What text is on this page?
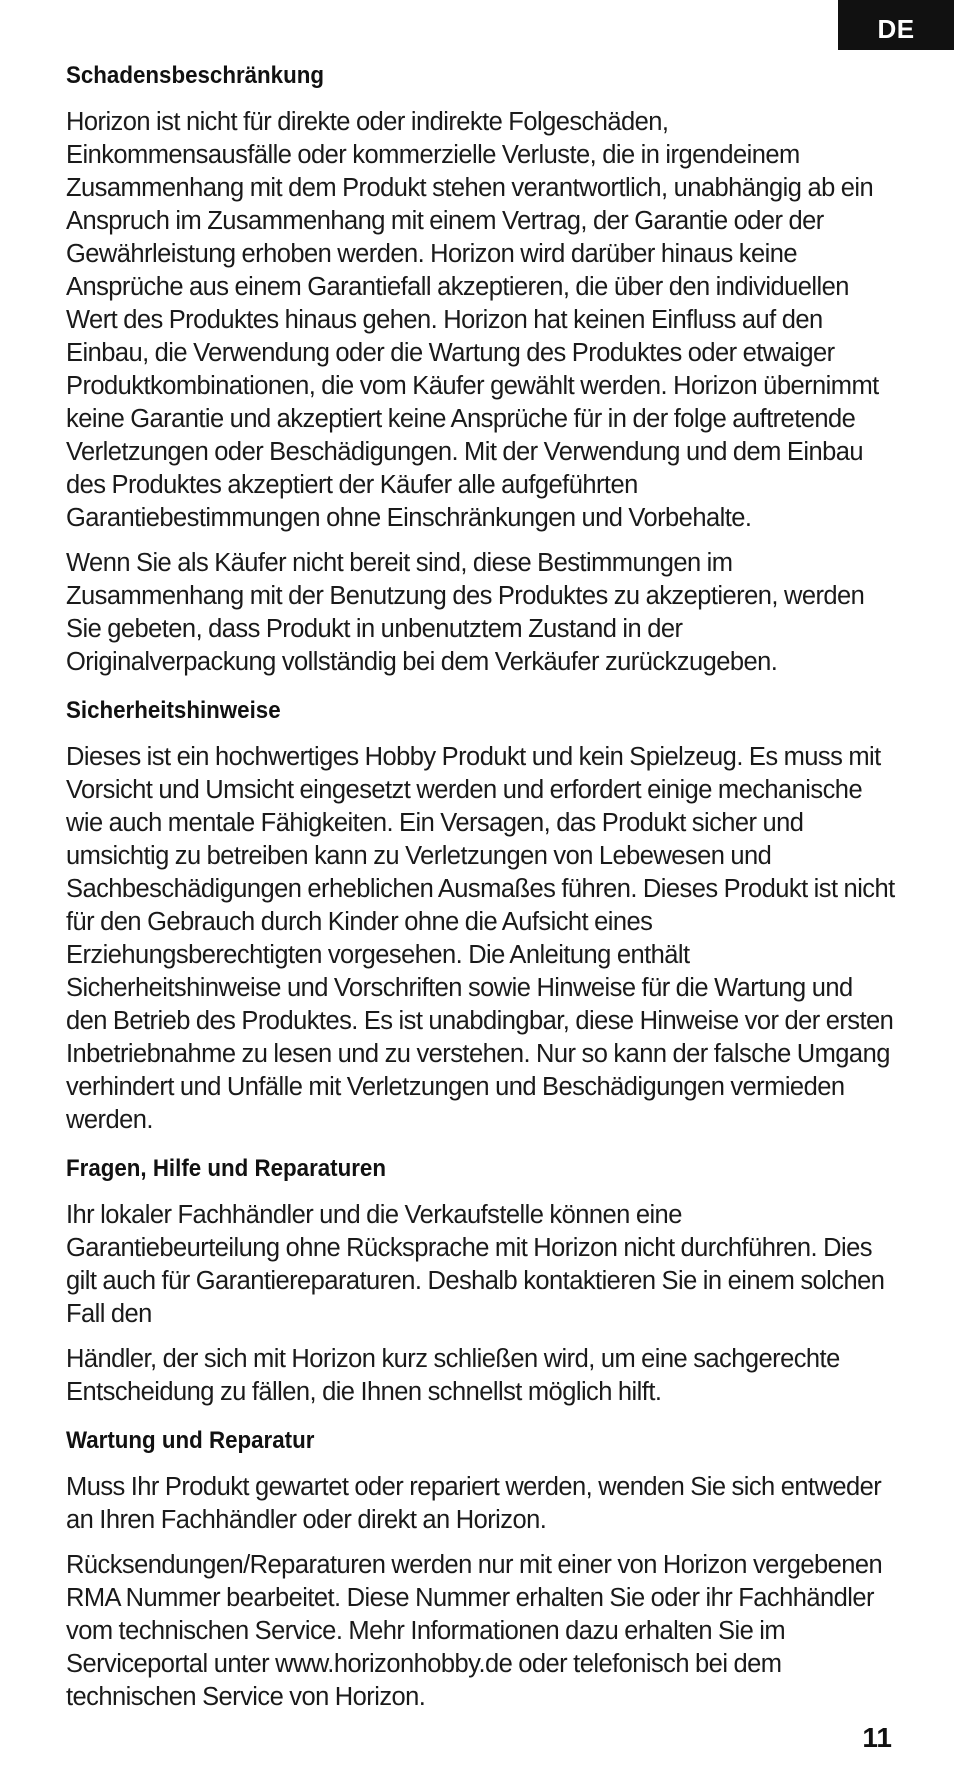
DE
Schadensbeschränkung

Horizon ist nicht für direkte oder indirekte Folgeschäden, Einkommensausfälle oder kommerzielle Verluste, die in irgendeinem Zusammenhang mit dem Produkt stehen verantwortlich, unabhängig ab ein Anspruch im Zusammenhang mit einem Vertrag, der Garantie oder der Gewährleistung erhoben werden. Horizon wird darüber hinaus keine Ansprüche aus einem Garantiefall akzeptieren, die über den individuellen Wert des Produktes hinaus gehen. Horizon hat keinen Einfluss auf den Einbau, die Verwendung oder die Wartung des Produktes oder etwaiger Produktkombinationen, die vom Käufer gewählt werden. Horizon übernimmt keine Garantie und akzeptiert keine Ansprüche für in der folge auftretende Verletzungen oder Beschädigungen. Mit der Verwendung und dem Einbau des Produktes akzeptiert der Käufer alle aufgeführten Garantiebestimmungen ohne Einschränkungen und Vorbehalte.

Wenn Sie als Käufer nicht bereit sind, diese Bestimmungen im Zusammenhang mit der Benutzung des Produktes zu akzeptieren, werden Sie gebeten, dass Produkt in unbenutztem Zustand in der Originalverpackung vollständig bei dem Verkäufer zurückzugeben.

Sicherheitshinweise

Dieses ist ein hochwertiges Hobby Produkt und kein Spielzeug. Es muss mit Vorsicht und Umsicht eingesetzt werden und erfordert einige mechanische wie auch mentale Fähigkeiten. Ein Versagen, das Produkt sicher und umsichtig zu betreiben kann zu Verletzungen von Lebewesen und Sachbeschädigungen erheblichen Ausmaßes führen. Dieses Produkt ist nicht für den Gebrauch durch Kinder ohne die Aufsicht eines Erziehungsberechtigten vorgesehen. Die Anleitung enthält Sicherheitshinweise und Vorschriften sowie Hinweise für die Wartung und den Betrieb des Produktes. Es ist unabdingbar, diese Hinweise vor der ersten Inbetriebnahme zu lesen und zu verstehen. Nur so kann der falsche Umgang verhindert und Unfälle mit Verletzungen und Beschädigungen vermieden werden.

Fragen, Hilfe und Reparaturen

Ihr lokaler Fachhändler und die Verkaufstelle können eine Garantiebeurteilung ohne Rücksprache mit Horizon nicht durchführen. Dies gilt auch für Garantiereparaturen. Deshalb kontaktieren Sie in einem solchen Fall den

Händler, der sich mit Horizon kurz schließen wird, um eine sachgerechte Entscheidung zu fällen, die Ihnen schnellst möglich hilft.

Wartung und Reparatur

Muss Ihr Produkt gewartet oder repariert werden, wenden Sie sich entweder an Ihren Fachhändler oder direkt an Horizon.

Rücksendungen/Reparaturen werden nur mit einer von Horizon vergebenen RMA Nummer bearbeitet. Diese Nummer erhalten Sie oder ihr Fachhändler vom technischen Service. Mehr Informationen dazu erhalten Sie im Serviceportal unter www.horizonhobby.de oder telefonisch bei dem technischen Service von Horizon.

11
